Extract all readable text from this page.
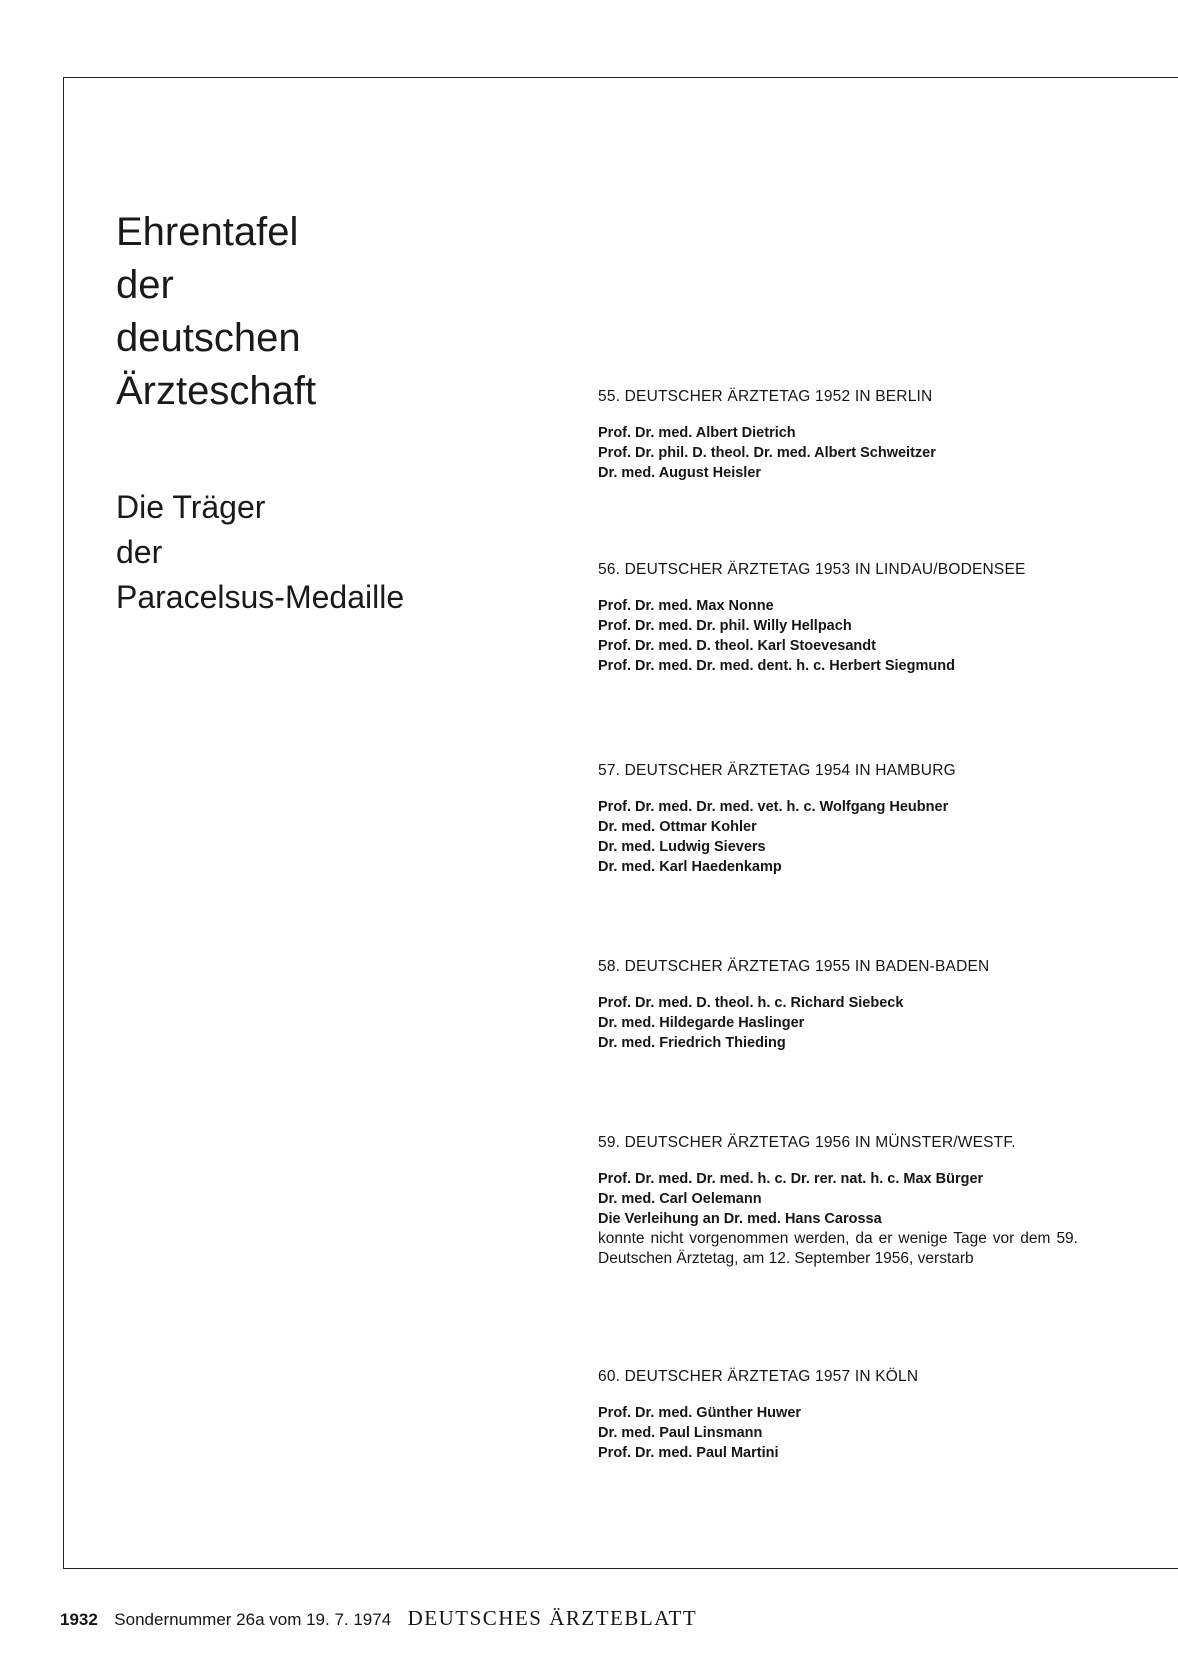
Ehrentafel
der
deutschen
Ärzteschaft
Die Träger
der
Paracelsus-Medaille
55. DEUTSCHER ÄRZTETAG 1952 IN BERLIN
Prof. Dr. med. Albert Dietrich
Prof. Dr. phil. D. theol. Dr. med. Albert Schweitzer
Dr. med. August Heisler
56. DEUTSCHER ÄRZTETAG 1953 IN LINDAU/BODENSEE
Prof. Dr. med. Max Nonne
Prof. Dr. med. Dr. phil. Willy Hellpach
Prof. Dr. med. D. theol. Karl Stoevesandt
Prof. Dr. med. Dr. med. dent. h. c. Herbert Siegmund
57. DEUTSCHER ÄRZTETAG 1954 IN HAMBURG
Prof. Dr. med. Dr. med. vet. h. c. Wolfgang Heubner
Dr. med. Ottmar Kohler
Dr. med. Ludwig Sievers
Dr. med. Karl Haedenkamp
58. DEUTSCHER ÄRZTETAG 1955 IN BADEN-BADEN
Prof. Dr. med. D. theol. h. c. Richard Siebeck
Dr. med. Hildegarde Haslinger
Dr. med. Friedrich Thieding
59. DEUTSCHER ÄRZTETAG 1956 IN MÜNSTER/WESTF.
Prof. Dr. med. Dr. med. h. c. Dr. rer. nat. h. c. Max Bürger
Dr. med. Carl Oelemann
Die Verleihung an Dr. med. Hans Carossa

konnte nicht vorgenommen werden, da er wenige Tage vor dem 59. Deutschen Ärztetag, am 12. September 1956, verstarb

60. DEUTSCHER ÄRZTETAG 1957 IN KÖLN
Prof. Dr. med. Günther Huwer
Dr. med. Paul Linsmann
Prof. Dr. med. Paul Martini
1932 Sondernummer 26a vom 19. 7. 1974 DEUTSCHES ÄRZTEBLATT
